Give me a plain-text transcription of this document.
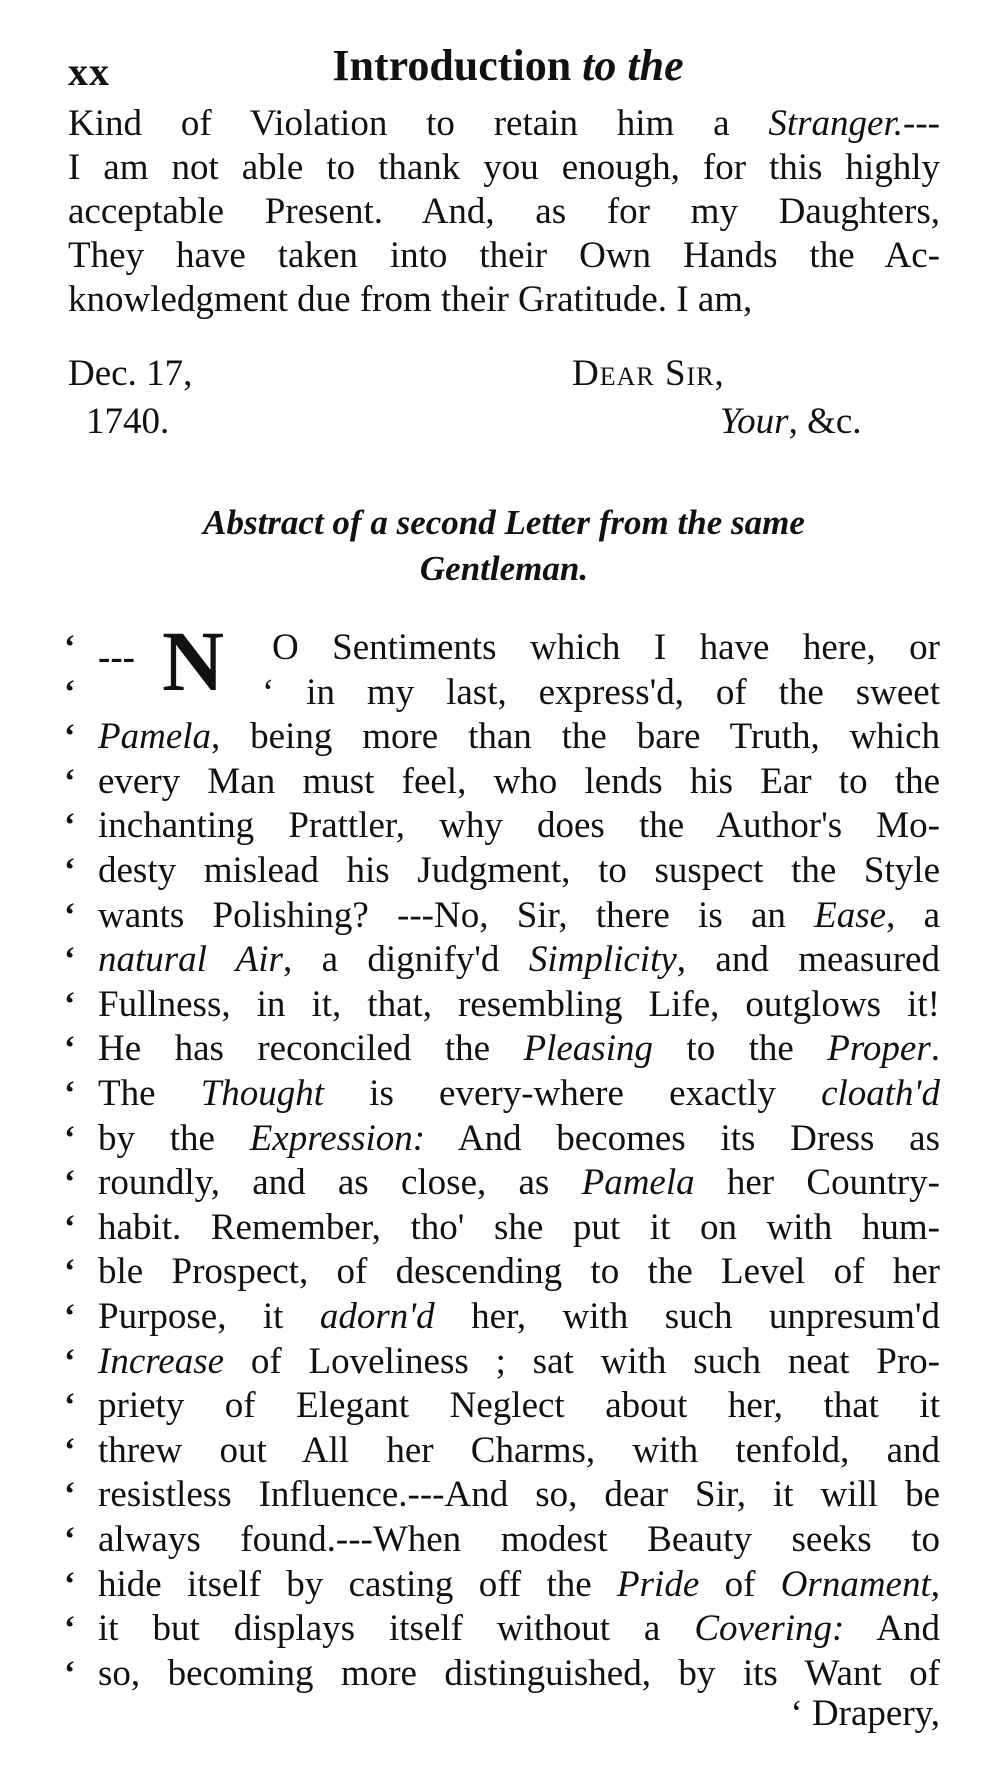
xx	Introduction to the
Kind of Violation to retain him a Stranger.---
I am not able to thank you enough, for this highly
acceptable Present. And, as for my Daughters,
They have taken into their Own Hands the Ac-
knowledgment due from their Gratitude. I am,
Dec. 17,
1740.
Dear Sir,
Your, &c.
Abstract of a second Letter from the same
Gentleman.
--- N
‘	O Sentiments which I have here, or
‘	‘ in my last, express'd, of the sweet
‘ Pamela, being more than the bare Truth, which
‘ every Man must feel, who lends his Ear to the
‘ inchanting Prattler, why does the Author's Mo-
‘ desty mislead his Judgment, to suspect the Style
‘ wants Polishing? ---No, Sir, there is an Ease, a
‘ natural Air, a dignify'd Simplicity, and measured
‘ Fullness, in it, that, resembling Life, outglows it!
‘ He has reconciled the Pleasing to the Proper.
‘ The Thought is every-where exactly cloath'd
‘ by the Expression: And becomes its Dress as
‘ roundly, and as close, as Pamela her Country-
‘ habit. Remember, tho' she put it on with hum-
‘ ble Prospect, of descending to the Level of her
‘ Purpose, it adorn'd her, with such unpresum'd
‘ Increase of Loveliness ; sat with such neat Pro-
‘ priety of Elegant Neglect about her, that it
‘ threw out All her Charms, with tenfold, and
‘ resistless Influence.---And so, dear Sir, it will be
‘ always found.---When modest Beauty seeks to
‘ hide itself by casting off the Pride of Ornament,
‘ it but displays itself without a Covering: And
‘ so, becoming more distinguished, by its Want of
‘ Drapery,
